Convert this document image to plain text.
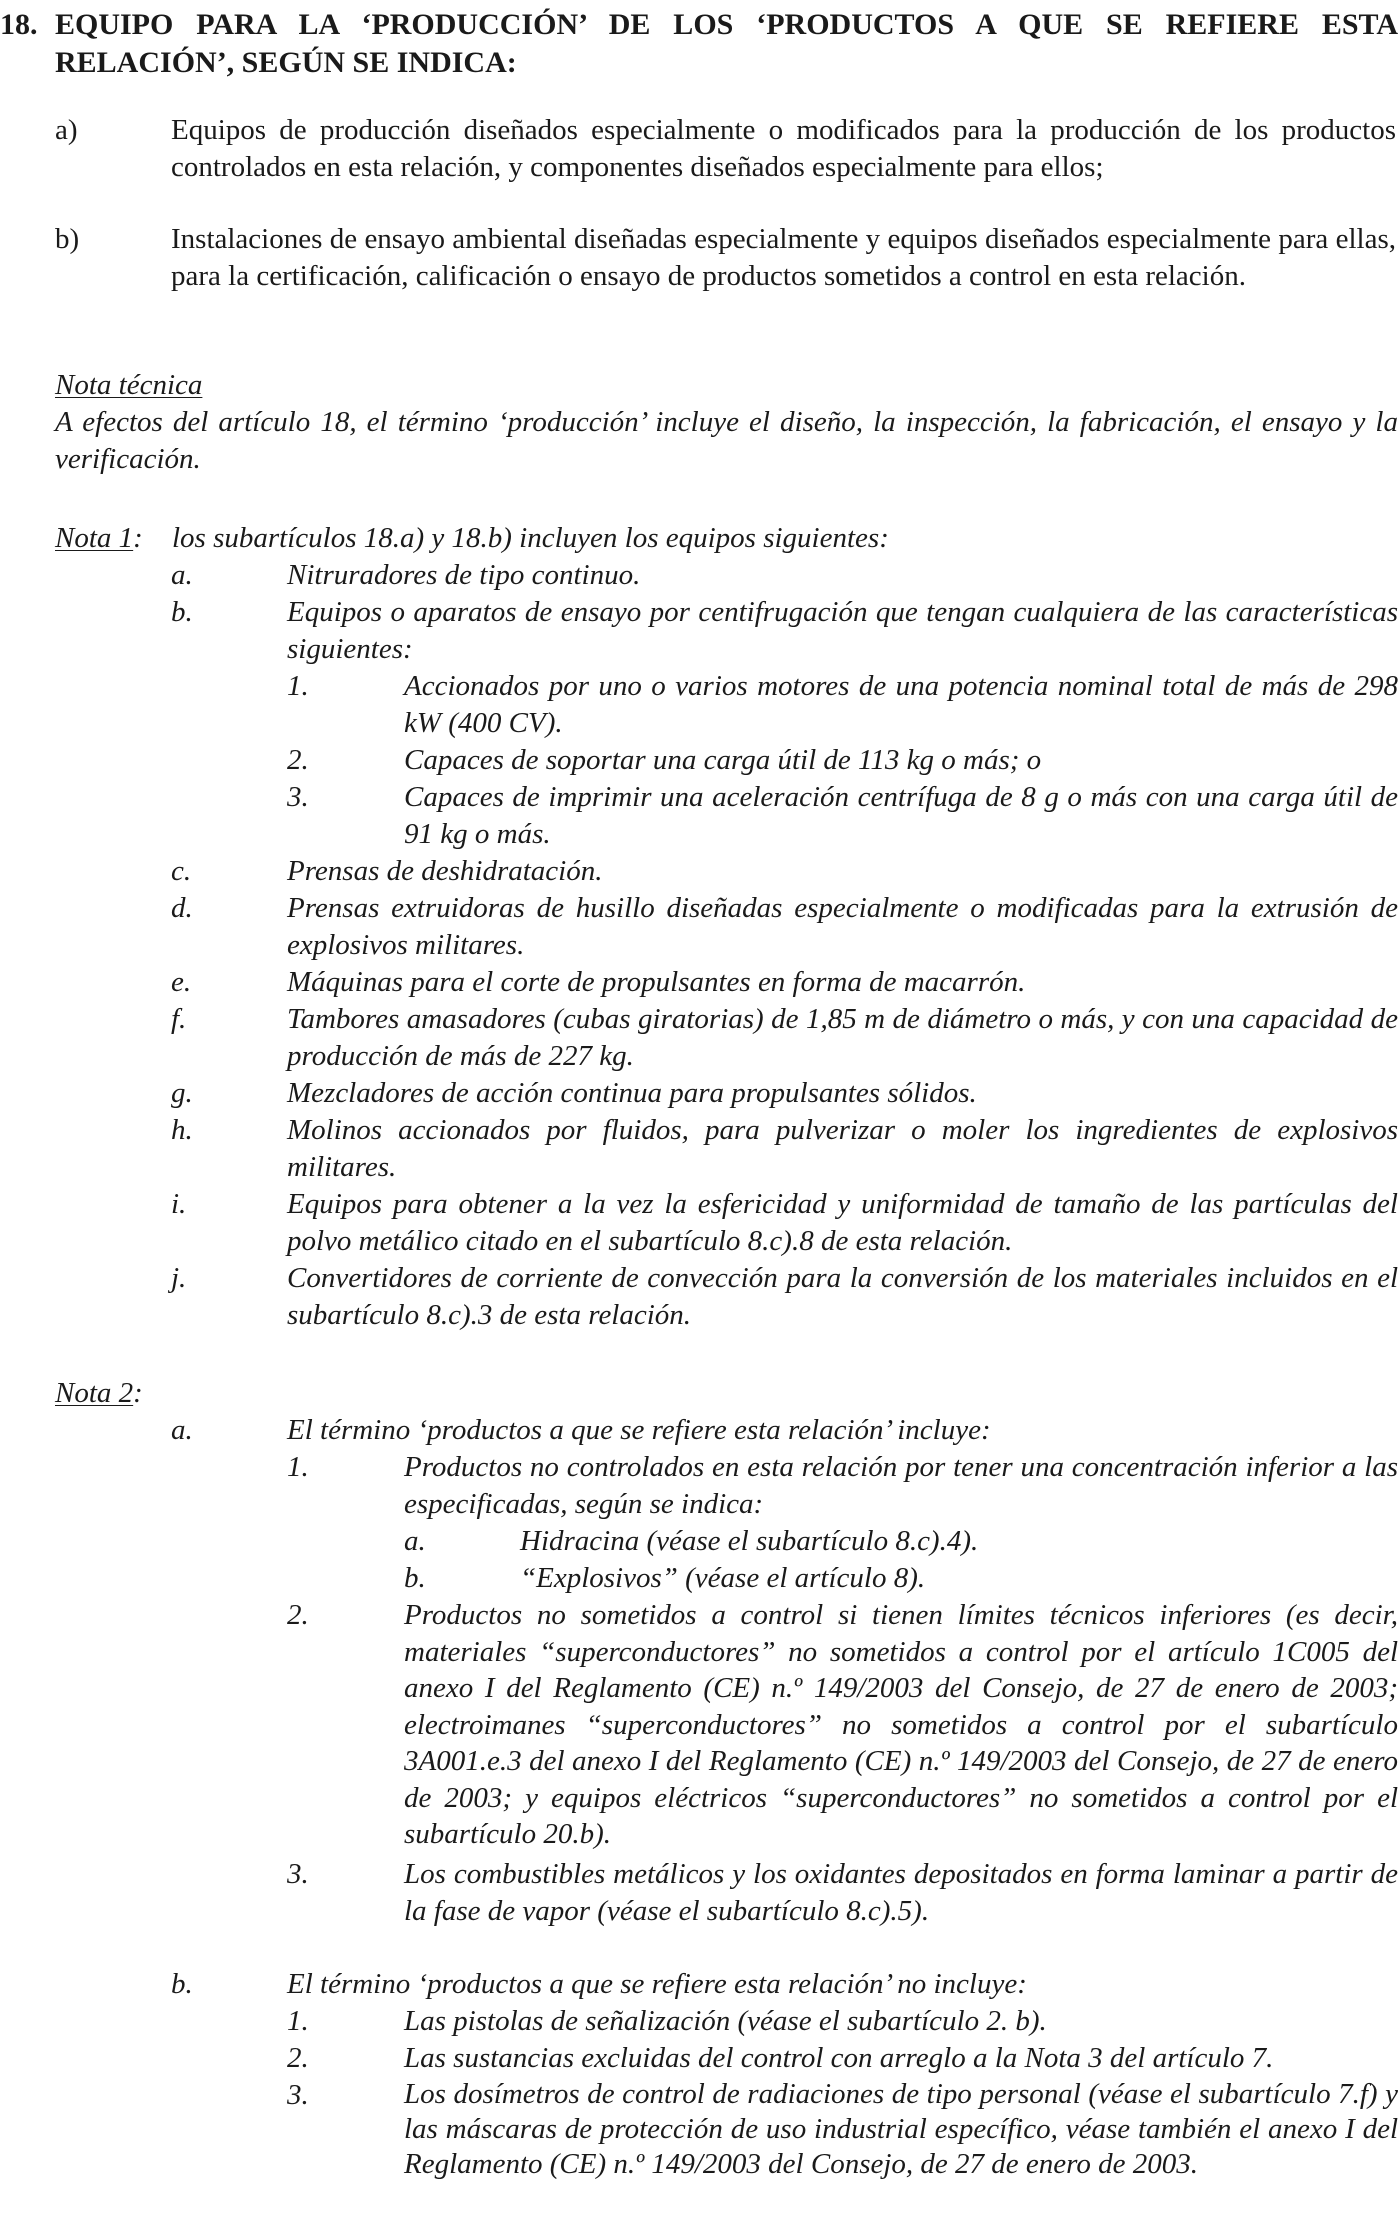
18. EQUIPO PARA LA ‘PRODUCCIÓN’ DE LOS ‘PRODUCTOS A QUE SE REFIERE ESTA RELACIÓN’, SEGÚN SE INDICA:
a)	Equipos de producción diseñados especialmente o modificados para la producción de los productos controlados en esta relación, y componentes diseñados especialmente para ellos;
b)	Instalaciones de ensayo ambiental diseñadas especialmente y equipos diseñados especialmente para ellas, para la certificación, calificación o ensayo de productos sometidos a control en esta relación.
Nota técnica
A efectos del artículo 18, el término ‘producción’ incluye el diseño, la inspección, la fabricación, el ensayo y la verificación.
Nota 1: los subartículos 18.a) y 18.b) incluyen los equipos siguientes:
a.	Nitruradores de tipo continuo.
b.	Equipos o aparatos de ensayo por centifrugación que tengan cualquiera de las características siguientes:
1.	Accionados por uno o varios motores de una potencia nominal total de más de 298 kW (400 CV).
2.	Capaces de soportar una carga útil de 113 kg o más; o
3.	Capaces de imprimir una aceleración centrífuga de 8 g o más con una carga útil de 91 kg o más.
c.	Prensas de deshidratación.
d.	Prensas extruidoras de husillo diseñadas especialmente o modificadas para la extrusión de explosivos militares.
e.	Máquinas para el corte de propulsantes en forma de macarrón.
f.	Tambores amasadores (cubas giratorias) de 1,85 m de diámetro o más, y con una capacidad de producción de más de 227 kg.
g.	Mezcladores de acción continua para propulsantes sólidos.
h.	Molinos accionados por fluidos, para pulverizar o moler los ingredientes de explosivos militares.
i.	Equipos para obtener a la vez la esfericidad y uniformidad de tamaño de las partículas del polvo metálico citado en el subartículo 8.c).8 de esta relación.
j.	Convertidores de corriente de convección para la conversión de los materiales incluidos en el subartículo 8.c).3 de esta relación.
Nota 2:
a.	El término ‘productos a que se refiere esta relación’ incluye:
1.	Productos no controlados en esta relación por tener una concentración inferior a las especificadas, según se indica:
a.	Hidracina (véase el subartículo 8.c).4).
b.	“Explosivos” (véase el artículo 8).
2.	Productos no sometidos a control si tienen límites técnicos inferiores (es decir, materiales “superconductores” no sometidos a control por el artículo 1C005 del anexo I del Reglamento (CE) n.º 149/2003 del Consejo, de 27 de enero de 2003; electroimanes “superconductores” no sometidos a control por el subartículo 3A001.e.3 del anexo I del Reglamento (CE) n.º 149/2003 del Consejo, de 27 de enero de 2003; y equipos eléctricos “superconductores” no sometidos a control por el subartículo 20.b).
3.	Los combustibles metálicos y los oxidantes depositados en forma laminar a partir de la fase de vapor (véase el subartículo 8.c).5).
b.	El término ‘productos a que se refiere esta relación’ no incluye:
1.	Las pistolas de señalización (véase el subartículo 2. b).
2.	Las sustancias excluidas del control con arreglo a la Nota 3 del artículo 7.
3.	Los dosímetros de control de radiaciones de tipo personal (véase el subartículo 7.f) y las máscaras de protección de uso industrial específico, véase también el anexo I del Reglamento (CE) n.º 149/2003 del Consejo, de 27 de enero de 2003.
